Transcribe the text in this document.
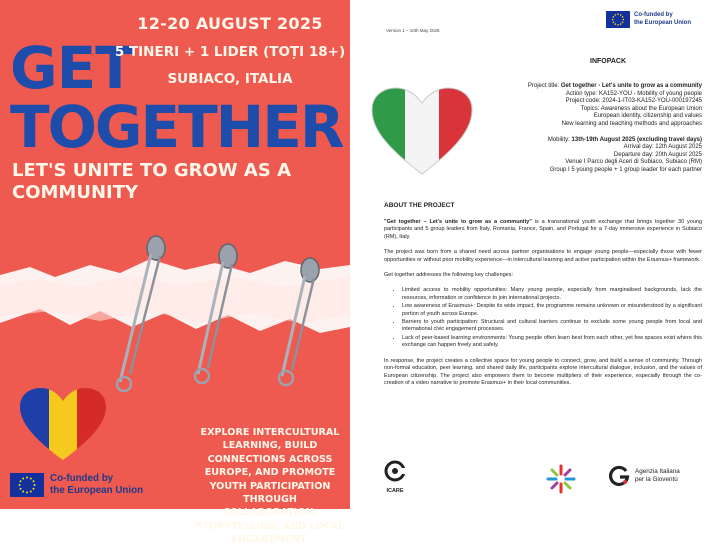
12-20 AUGUST 2025
GET
5 TINERI + 1 LIDER (TOȚI 18+)
SUBIACO, ITALIA
TOGETHER
LET'S UNITE TO GROW AS A COMMUNITY
EXPLORE INTERCULTURAL LEARNING, BUILD CONNECTIONS ACROSS EUROPE, AND PROMOTE YOUTH PARTICIPATION THROUGH COLLABORATION, STORYTELLING, AND LOCAL ENGAGEMENT.
Co-funded by
the European Union
Version 1 – 10th May 2025
Co-funded by
the European Union
INFOPACK
Project title: Get together - Let's unite to grow as a community
Action type: KA152-YOU - Mobility of young people
Project code: 2024-1-IT03-KA152-YOU-000197245
Topics: Awareness about the European Union
European identity, citizenship and values
New learning and teaching methods and approaches
Mobility: 13th-19th August 2025 (excluding travel days)
Arrival day: 12th August 2025
Departure day: 20th August 2025
Venue I Parco degli Aceri di Subiaco, Subiaco (RM)
Group I 5 young people + 1 group leader for each partner
ABOUT THE PROJECT

"Get together – Let's unite to grow as a community" is a transnational youth exchange that brings together 30 young participants and 5 group leaders from Italy, Romania, France, Spain, and Portugal for a 7-day immersive experience in Subiaco (RM), Italy.

The project was born from a shared need across partner organisations to engage young people—especially those with fewer opportunities or without prior mobility experience—in intercultural learning and active participation within the Erasmus+ framework.

Get together addresses the following key challenges:

• Limited access to mobility opportunities: Many young people, especially from marginalised backgrounds, lack the resources, information or confidence to join international projects.
• Low awareness of Erasmus+: Despite its wide impact, the programme remains unknown or misunderstood by a significant portion of youth across Europe.
• Barriers to youth participation: Structural and cultural barriers continue to exclude some young people from local and international civic engagement processes.
• Lack of peer-based learning environments: Young people often learn best from each other, yet few spaces exist where this exchange can happen freely and safely.

In response, the project creates a collective space for young people to connect, grow, and build a sense of community. Through non-formal education, peer learning, and shared daily life, participants explore intercultural dialogue, inclusion, and the values of European citizenship. The project also empowers them to become multipliers of their experience, especially through the co-creation of a video narrative to promote Erasmus+ in their local communities.

ICARE
Agenzia Italiana
per la Gioventù
